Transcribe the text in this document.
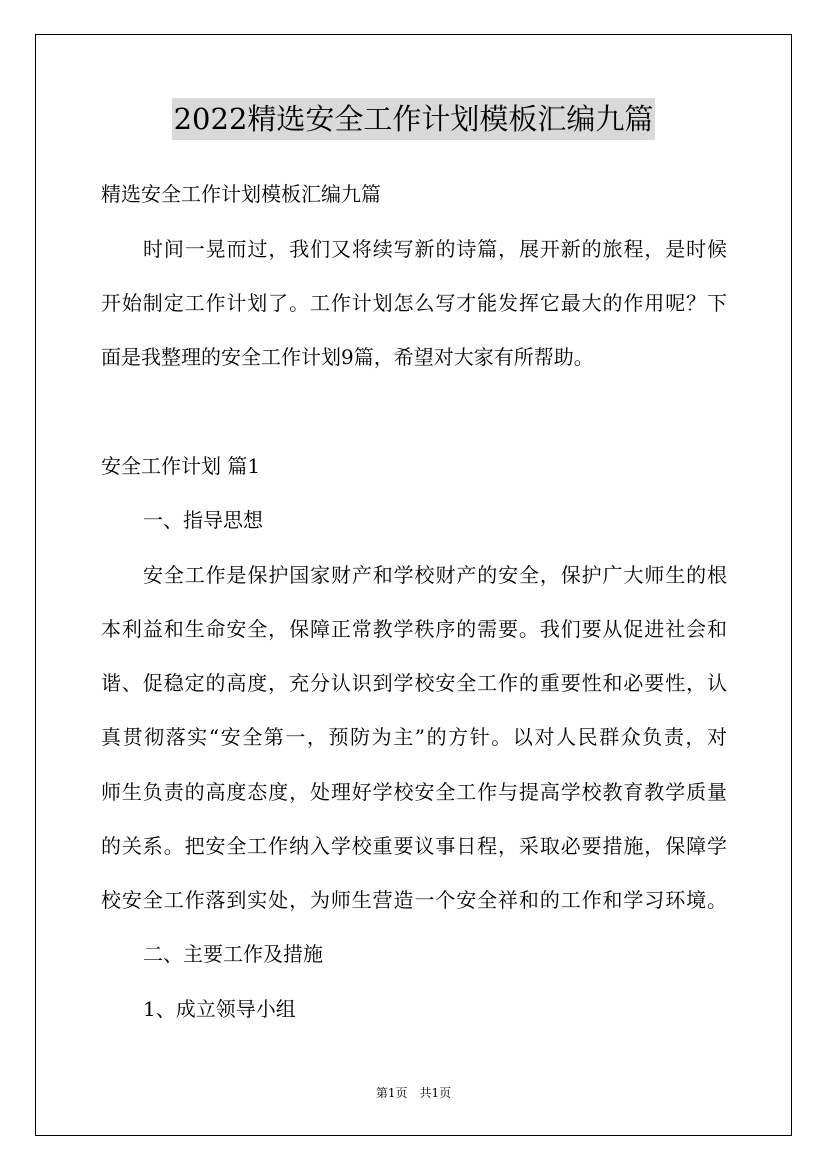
2022精选安全工作计划模板汇编九篇
精选安全工作计划模板汇编九篇
时间一晃而过，我们又将续写新的诗篇，展开新的旅程，是时候
开始制定工作计划了。工作计划怎么写才能发挥它最大的作用呢？下
面是我整理的安全工作计划9篇，希望对大家有所帮助。
安全工作计划 篇1
一、指导思想
安全工作是保护国家财产和学校财产的安全，保护广大师生的根
本利益和生命安全，保障正常教学秩序的需要。我们要从促进社会和
谐、促稳定的高度，充分认识到学校安全工作的重要性和必要性，认
真贯彻落实“安全第一，预防为主”的方针。以对人民群众负责，对
师生负责的高度态度，处理好学校安全工作与提高学校教育教学质量
的关系。把安全工作纳入学校重要议事日程，采取必要措施，保障学
校安全工作落到实处，为师生营造一个安全祥和的工作和学习环境。
二、主要工作及措施
1、成立领导小组
第1页　共1页
